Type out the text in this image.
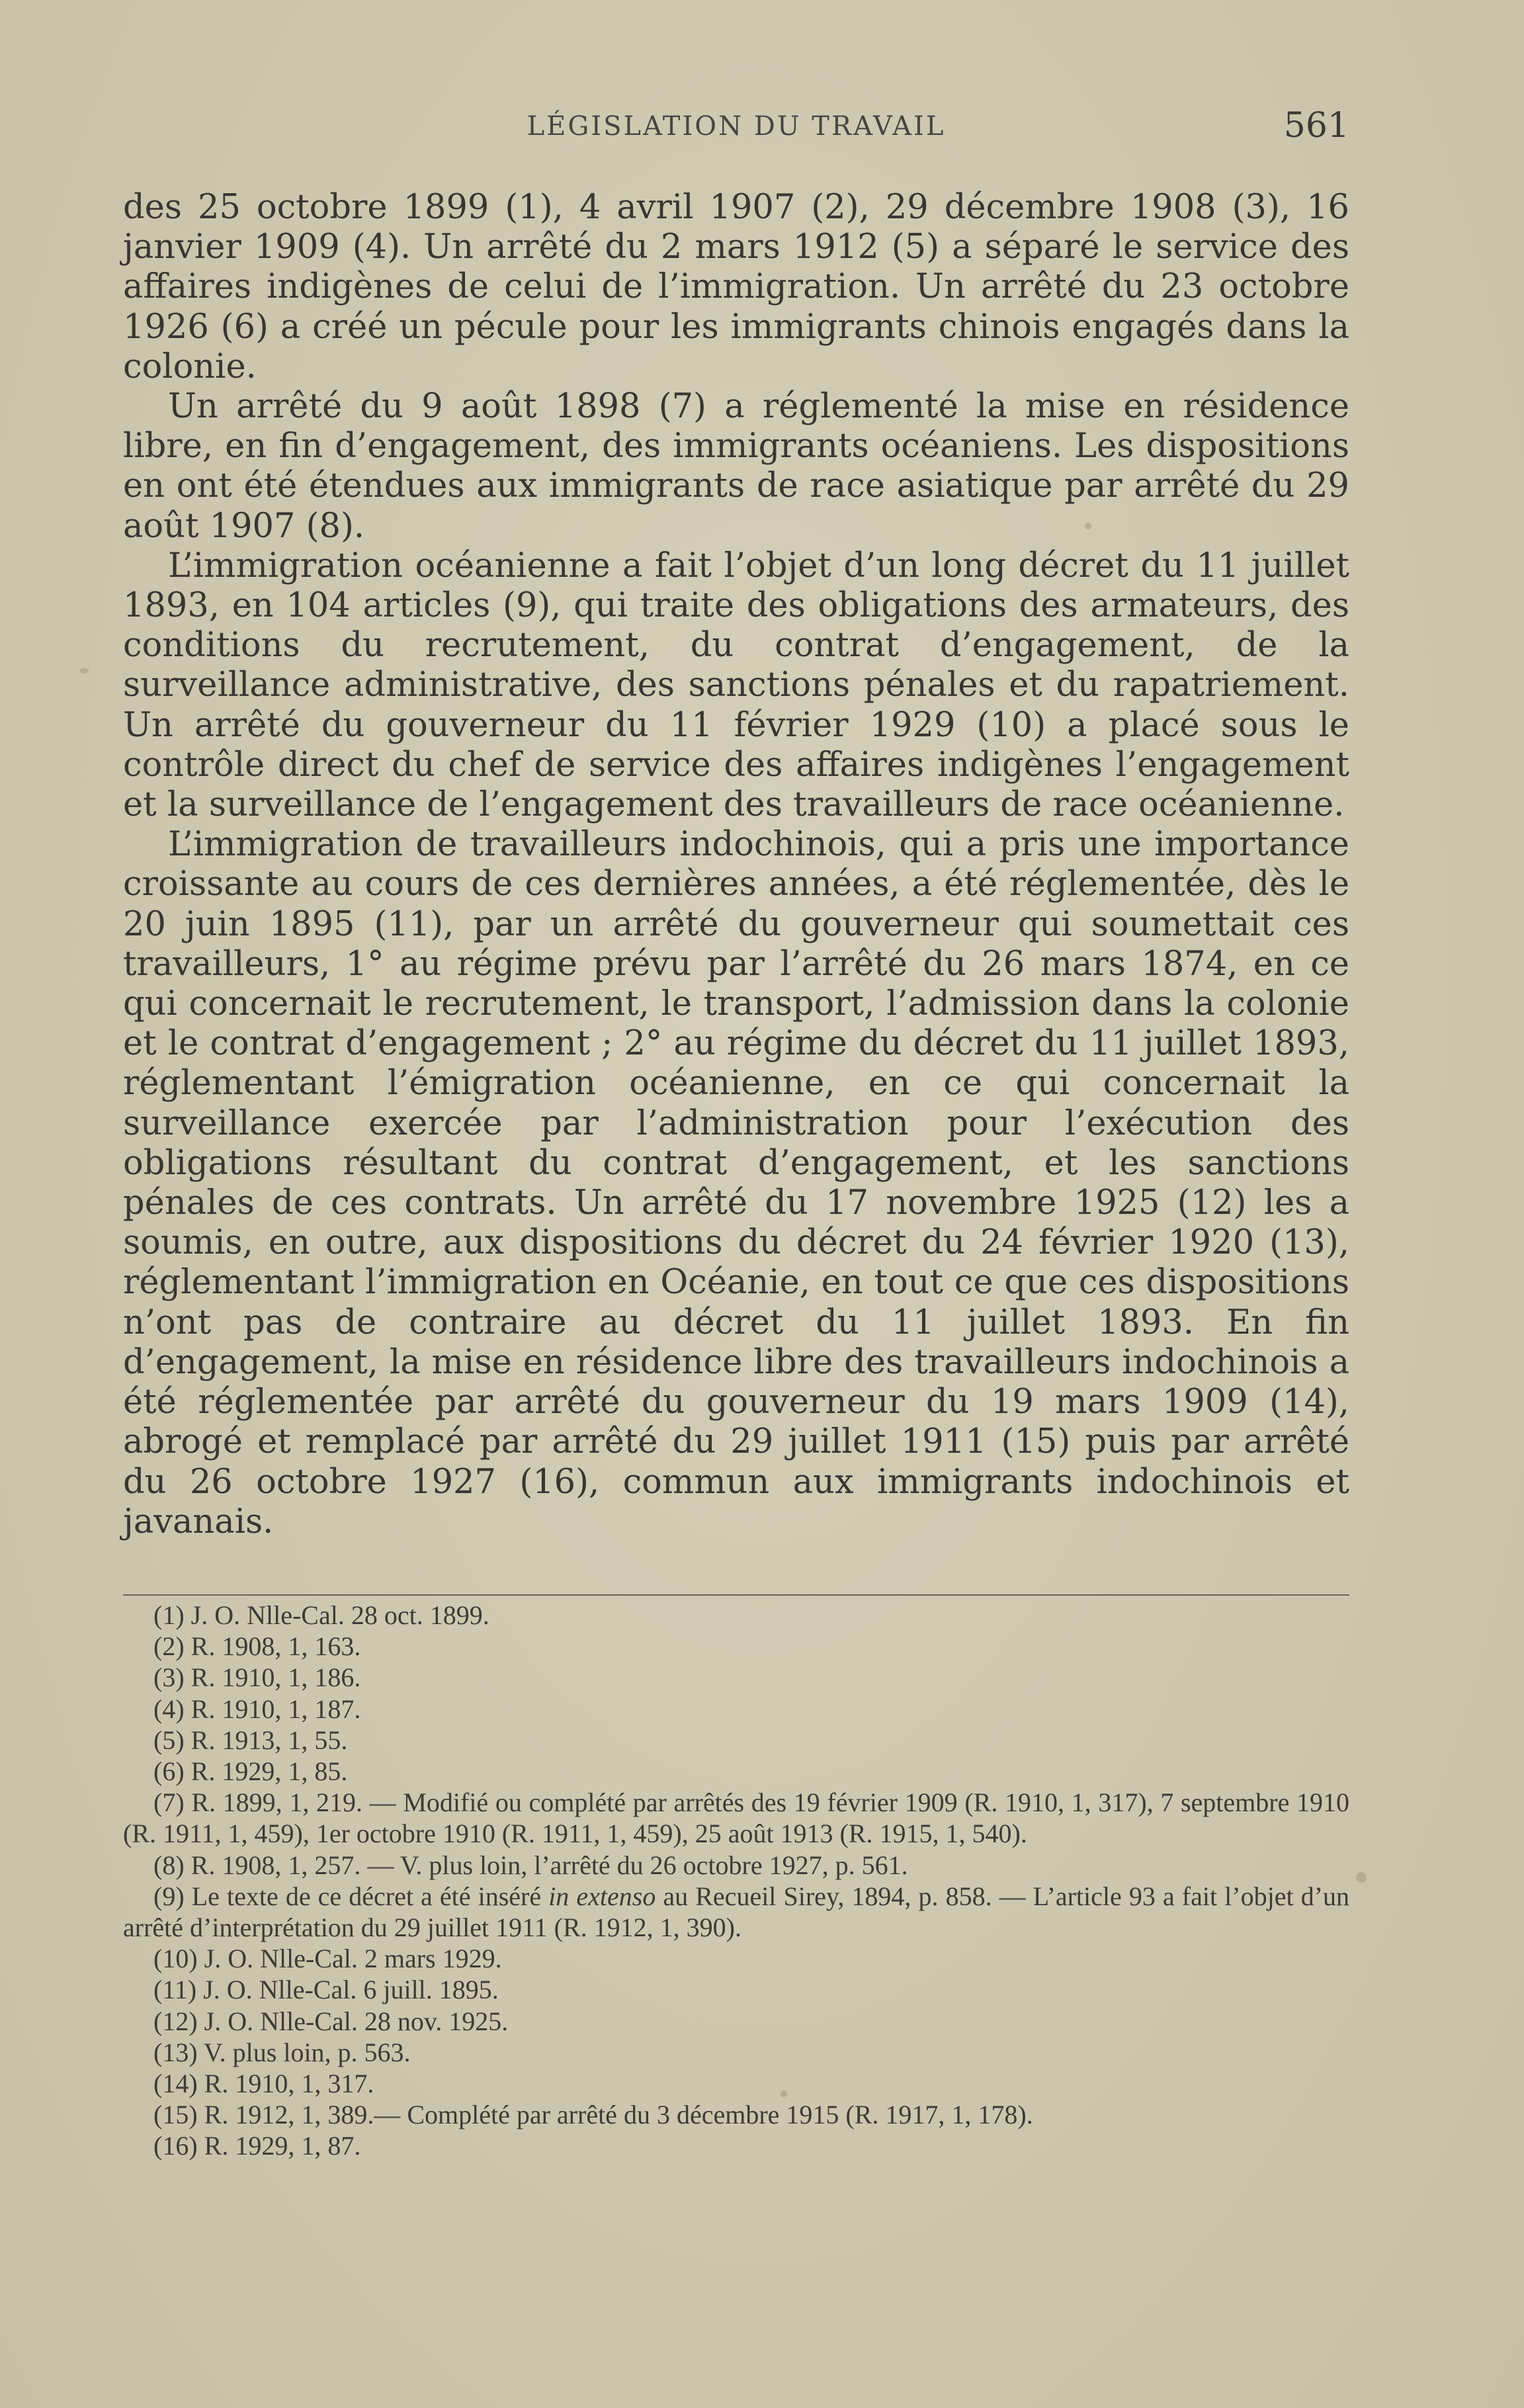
LÉGISLATION DU TRAVAIL	561

des 25 octobre 1899 (1), 4 avril 1907 (2), 29 décembre 1908 (3), 16 janvier 1909 (4). Un arrêté du 2 mars 1912 (5) a séparé le service des affaires indigènes de celui de l’immigration. Un arrêté du 23 octobre 1926 (6) a créé un pécule pour les immigrants chinois engagés dans la colonie.

Un arrêté du 9 août 1898 (7) a réglementé la mise en résidence libre, en fin d’engagement, des immigrants océaniens. Les dispositions en ont été étendues aux immigrants de race asiatique par arrêté du 29 août 1907 (8).

L’immigration océanienne a fait l’objet d’un long décret du 11 juillet 1893, en 104 articles (9), qui traite des obligations des armateurs, des conditions du recrutement, du contrat d’engagement, de la surveillance administrative, des sanctions pénales et du rapatriement. Un arrêté du gouverneur du 11 février 1929 (10) a placé sous le contrôle direct du chef de service des affaires indigènes l’engagement et la surveillance de l’engagement des travailleurs de race océanienne.

L’immigration de travailleurs indochinois, qui a pris une importance croissante au cours de ces dernières années, a été réglementée, dès le 20 juin 1895 (11), par un arrêté du gouverneur qui soumettait ces travailleurs, 1° au régime prévu par l’arrêté du 26 mars 1874, en ce qui concernait le recrutement, le transport, l’admission dans la colonie et le contrat d’engagement ; 2° au régime du décret du 11 juillet 1893, réglementant l’émigration océanienne, en ce qui concernait la surveillance exercée par l’administration pour l’exécution des obligations résultant du contrat d’engagement, et les sanctions pénales de ces contrats. Un arrêté du 17 novembre 1925 (12) les a soumis, en outre, aux dispositions du décret du 24 février 1920 (13), réglementant l’immigration en Océanie, en tout ce que ces dispositions n’ont pas de contraire au décret du 11 juillet 1893. En fin d’engagement, la mise en résidence libre des travailleurs indochinois a été réglementée par arrêté du gouverneur du 19 mars 1909 (14), abrogé et remplacé par arrêté du 29 juillet 1911 (15) puis par arrêté du 26 octobre 1927 (16), commun aux immigrants indochinois et javanais.

(1) J. O. Nlle-Cal. 28 oct. 1899.

(2) R. 1908, 1, 163.

(3) R. 1910, 1, 186.

(4) R. 1910, 1, 187.

(5) R. 1913, 1, 55.

(6) R. 1929, 1, 85.

(7) R. 1899, 1, 219. — Modifié ou complété par arrêtés des 19 février 1909 (R. 1910, 1, 317), 7 septembre 1910 (R. 1911, 1, 459), 1er octobre 1910 (R. 1911, 1, 459), 25 août 1913 (R. 1915, 1, 540).

(8) R. 1908, 1, 257. — V. plus loin, l’arrêté du 26 octobre 1927, p. 561.

(9) Le texte de ce décret a été inséré in extenso au Recueil Sirey, 1894, p. 858. — L’article 93 a fait l’objet d’un arrêté d’interprétation du 29 juillet 1911 (R. 1912, 1, 390).

(10) J. O. Nlle-Cal. 2 mars 1929.

(11) J. O. Nlle-Cal. 6 juill. 1895.

(12) J. O. Nlle-Cal. 28 nov. 1925.

(13) V. plus loin, p. 563.

(14) R. 1910, 1, 317.

(15) R. 1912, 1, 389.— Complété par arrêté du 3 décembre 1915 (R. 1917, 1, 178).

(16) R. 1929, 1, 87.
